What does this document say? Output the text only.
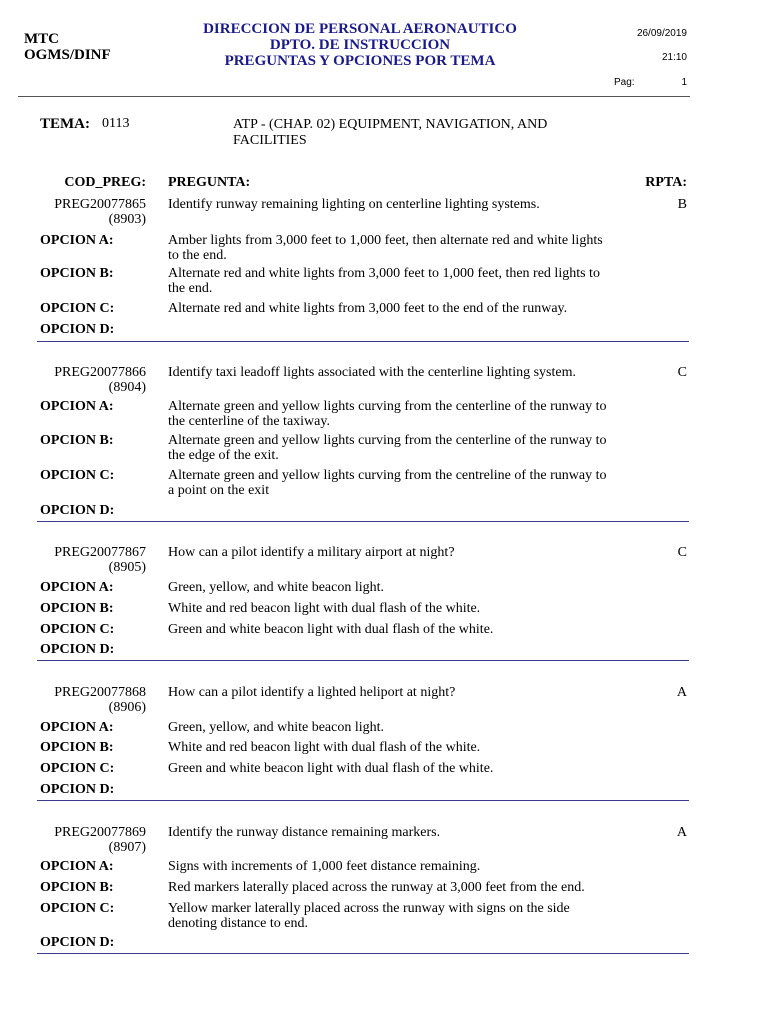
MTC
OGMS/DINF
DIRECCION DE PERSONAL AERONAUTICO
DPTO. DE INSTRUCCION
PREGUNTAS Y OPCIONES POR TEMA
26/09/2019
21:10
Pag:	1
TEMA: 0113	ATP - (CHAP. 02) EQUIPMENT, NAVIGATION, AND FACILITIES
COD_PREG: PREGUNTA:	RPTA:
PREG20077865
(8903)
Identify runway remaining lighting on centerline lighting systems.	B
OPCION A:	Amber lights from 3,000 feet to 1,000 feet, then alternate red and white lights to the end.
OPCION B:	Alternate red and white lights from 3,000 feet to 1,000 feet, then red lights to the end.
OPCION C:	Alternate red and white lights from 3,000 feet to the end of the runway.
OPCION D:
PREG20077866
(8904)
Identify taxi leadoff lights associated with the centerline lighting system.	C
OPCION A:	Alternate green and yellow lights curving from the centerline of the runway to the centerline of the taxiway.
OPCION B:	Alternate green and yellow lights curving from the centerline of the runway to the edge of the exit.
OPCION C:	Alternate green and yellow lights curving from the centreline of the runway to a point on the exit
OPCION D:
PREG20077867
(8905)
How can a pilot identify a military airport at night?	C
OPCION A:	Green, yellow, and white beacon light.
OPCION B:	White and red beacon light with dual flash of the white.
OPCION C:	Green and white beacon light with dual flash of the white.
OPCION D:
PREG20077868
(8906)
How can a pilot identify a lighted heliport at night?	A
OPCION A:	Green, yellow, and white beacon light.
OPCION B:	White and red beacon light with dual flash of the white.
OPCION C:	Green and white beacon light with dual flash of the white.
OPCION D:
PREG20077869
(8907)
Identify the runway distance remaining markers.	A
OPCION A:	Signs with increments of 1,000 feet distance remaining.
OPCION B:	Red markers laterally placed across the runway at 3,000 feet from the end.
OPCION C:	Yellow marker laterally placed across the runway with signs on the side denoting distance to end.
OPCION D:
